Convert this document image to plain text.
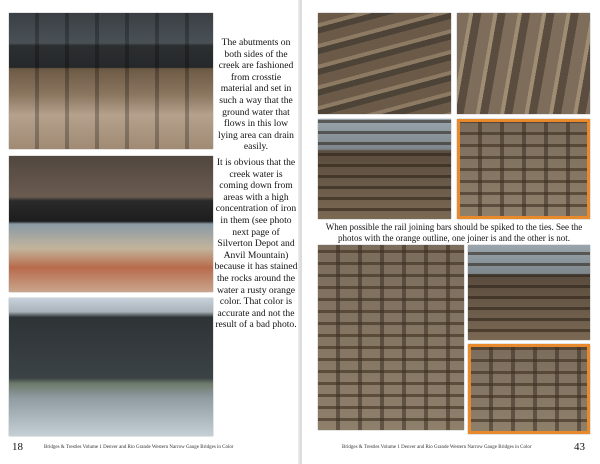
The abutments on both sides of the creek are fashioned from crosstie material and set in such a way that the ground water that flows in this low lying area can drain easily.
It is obvious that the creek water is coming down from areas with a high concentration of iron in them (see photo next page of Silverton Depot and Anvil Mountain) because it has stained the rocks around the water a rusty orange color. That color is accurate and not the result of a bad photo.
18	Bridges & Trestles Volume 1 Denver and Rio Grande Western Narrow Gauge Bridges in Color
When possible the rail joining bars should be spiked to the ties. See the photos with the orange outline, one joiner is and the other is not.
Bridges & Trestles Volume 1 Denver and Rio Grande Western Narrow Gauge Bridges in Color	43
